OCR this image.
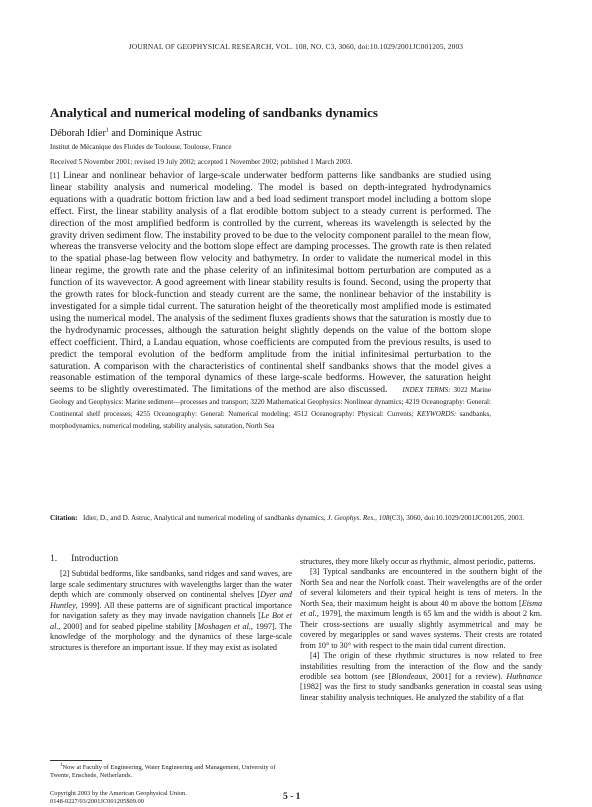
JOURNAL OF GEOPHYSICAL RESEARCH, VOL. 108, NO. C3, 3060, doi:10.1029/2001JC001205, 2003
Analytical and numerical modeling of sandbanks dynamics
Déborah Idier$^1$ and Dominique Astruc
Institut de Mécanique des Fluides de Toulouse, Toulouse, France
Received 5 November 2001; revised 19 July 2002; accepted 1 November 2002; published 1 March 2003.
[1] Linear and nonlinear behavior of large-scale underwater bedform patterns like sandbanks are studied using linear stability analysis and numerical modeling. The model is based on depth-integrated hydrodynamics equations with a quadratic bottom friction law and a bed load sediment transport model including a bottom slope effect. First, the linear stability analysis of a flat erodible bottom subject to a steady current is performed. The direction of the most amplified bedform is controlled by the current, whereas its wavelength is selected by the gravity driven sediment flow. The instability proved to be due to the velocity component parallel to the mean flow, whereas the transverse velocity and the bottom slope effect are damping processes. The growth rate is then related to the spatial phase-lag between flow velocity and bathymetry. In order to validate the numerical model in this linear regime, the growth rate and the phase celerity of an infinitesimal bottom perturbation are computed as a function of its wavevector. A good agreement with linear stability results is found. Second, using the property that the growth rates for block-function and steady current are the same, the nonlinear behavior of the instability is investigated for a simple tidal current. The saturation height of the theoretically most amplified mode is estimated using the numerical model. The analysis of the sediment fluxes gradients shows that the saturation is mostly due to the hydrodynamic processes, although the saturation height slightly depends on the value of the bottom slope effect coefficient. Third, a Landau equation, whose coefficients are computed from the previous results, is used to predict the temporal evolution of the bedform amplitude from the initial infinitesimal perturbation to the saturation. A comparison with the characteristics of continental shelf sandbanks shows that the model gives a reasonable estimation of the temporal dynamics of these large-scale bedforms. However, the saturation height seems to be slightly overestimated. The limitations of the method are also discussed. INDEX TERMS: 3022 Marine Geology and Geophysics: Marine sediment—processes and transport; 3220 Mathematical Geophysics: Nonlinear dynamics; 4219 Oceanography: General: Continental shelf processes; 4255 Oceanography: General: Numerical modeling; 4512 Oceanography: Physical: Currents; KEYWORDS: sandbanks, morphodynamics, numerical modeling, stability analysis, saturation, North Sea
Citation: Idier, D., and D. Astruc, Analytical and numerical modeling of sandbanks dynamics, J. Geophys. Res., 108(C3), 3060, doi:10.1029/2001JC001205, 2003.
1. Introduction

[2] Subtidal bedforms, like sandbanks, sand ridges and sand waves, are large scale sedimentary structures with wavelengths larger than the water depth which are commonly observed on continental shelves [Dyer and Huntley, 1999]. All these patterns are of significant practical importance for navigation safety as they may invade navigation channels [Le Bot et al., 2000] and for seabed pipeline stability [Moshagen et al., 1997]. The knowledge of the morphology and the dynamics of these large-scale structures is therefore an important issue. If they may exist as isolated

structures, they more likely occur as rhythmic, almost periodic, patterns.

[3] Typical sandbanks are encountered in the southern bight of the North Sea and near the Norfolk coast. Their wavelengths are of the order of several kilometers and their typical height is tens of meters. In the North Sea, their maximum height is about 40 m above the bottom [Eisma et al., 1979], the maximum length is 65 km and the width is about 2 km. Their cross-sections are usually slightly asymmetrical and may be covered by megaripples or sand waves systems. Their crests are rotated from 10° to 30° with respect to the main tidal current direction.

[4] The origin of these rhythmic structures is now related to free instabilities resulting from the interaction of the flow and the sandy erodible sea bottom (see [Blondeaux, 2001] for a review). Huthnance [1982] was the first to study sandbanks generation in coastal seas using linear stability analysis techniques. He analyzed the stability of a flat

$^1$Now at Faculty of Engineering, Water Engineering and Management, University of Twente, Enschede, Netherlands.
Copyright 2003 by the American Geophysical Union.
0148-0227/03/2001JC001205$09.00	5 - 1
